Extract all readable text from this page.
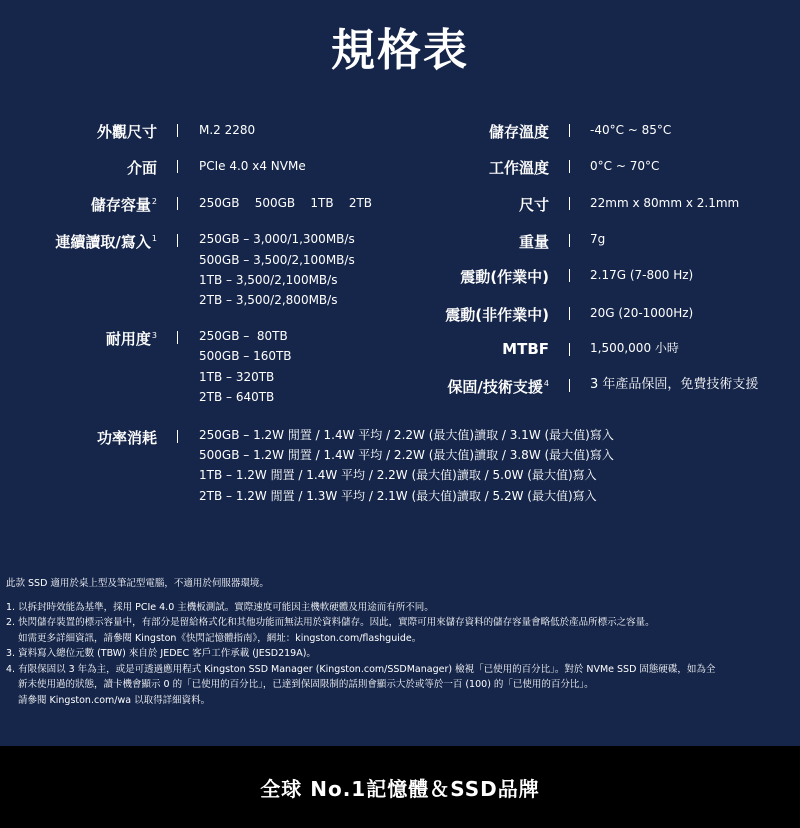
規格表
外觀尺寸	M.2 2280
介面	PCIe 4.0 x4 NVMe
儲存容量$^2$	250GB    500GB    1TB    2TB
連續讀取/寫入$^1$	250GB – 3,000/1,300MB/s
500GB – 3,500/2,100MB/s
1TB – 3,500/2,100MB/s
2TB – 3,500/2,800MB/s
耐用度$^3$	250GB –  80TB
500GB – 160TB
1TB – 320TB
2TB – 640TB
功率消耗	250GB – 1.2W 閒置 / 1.4W 平均 / 2.2W (最大值)讀取 / 3.1W (最大值)寫入
500GB – 1.2W 閒置 / 1.4W 平均 / 2.2W (最大值)讀取 / 3.8W (最大值)寫入
1TB – 1.2W 閒置 / 1.4W 平均 / 2.2W (最大值)讀取 / 5.0W (最大值)寫入
2TB – 1.2W 閒置 / 1.3W 平均 / 2.1W (最大值)讀取 / 5.2W (最大值)寫入
儲存溫度	-40°C ~ 85°C
工作溫度	0°C ~ 70°C
尺寸	22mm x 80mm x 2.1mm
重量	7g
震動(作業中)	2.17G (7-800 Hz)
震動(非作業中)	20G (20-1000Hz)
MTBF	1,500,000 小時
保固/技術支援$^4$	3 年產品保固，免費技術支援
此款 SSD 適用於桌上型及筆記型電腦，不適用於伺服器環境。
1. 以拆封時效能為基準，採用 PCIe 4.0 主機板測試。實際速度可能因主機軟硬體及用途而有所不同。
2. 快閃儲存裝置的標示容量中，有部分是留給格式化和其他功能而無法用於資料儲存。因此，實際可用來儲存資料的儲存容量會略低於產品所標示之容量。
如需更多詳細資訊，請參閱 Kingston《快閃記憶體指南》，網址：kingston.com/flashguide。
3. 資料寫入總位元數 (TBW) 來自於 JEDEC 客戶工作承載 (JESD219A)。
4. 有限保固以 3 年為主，或是可透過應用程式 Kingston SSD Manager (Kingston.com/SSDManager) 檢視「已使用的百分比」。對於 NVMe SSD 固態硬碟，如為全
新未使用過的狀態，讀卡機會顯示 0 的「已使用的百分比」，已達到保固限制的話則會顯示大於或等於一百 (100) 的「已使用的百分比」。
請參閱 Kingston.com/wa 以取得詳細資料。
全球 No.1記憶體＆SSD品牌
